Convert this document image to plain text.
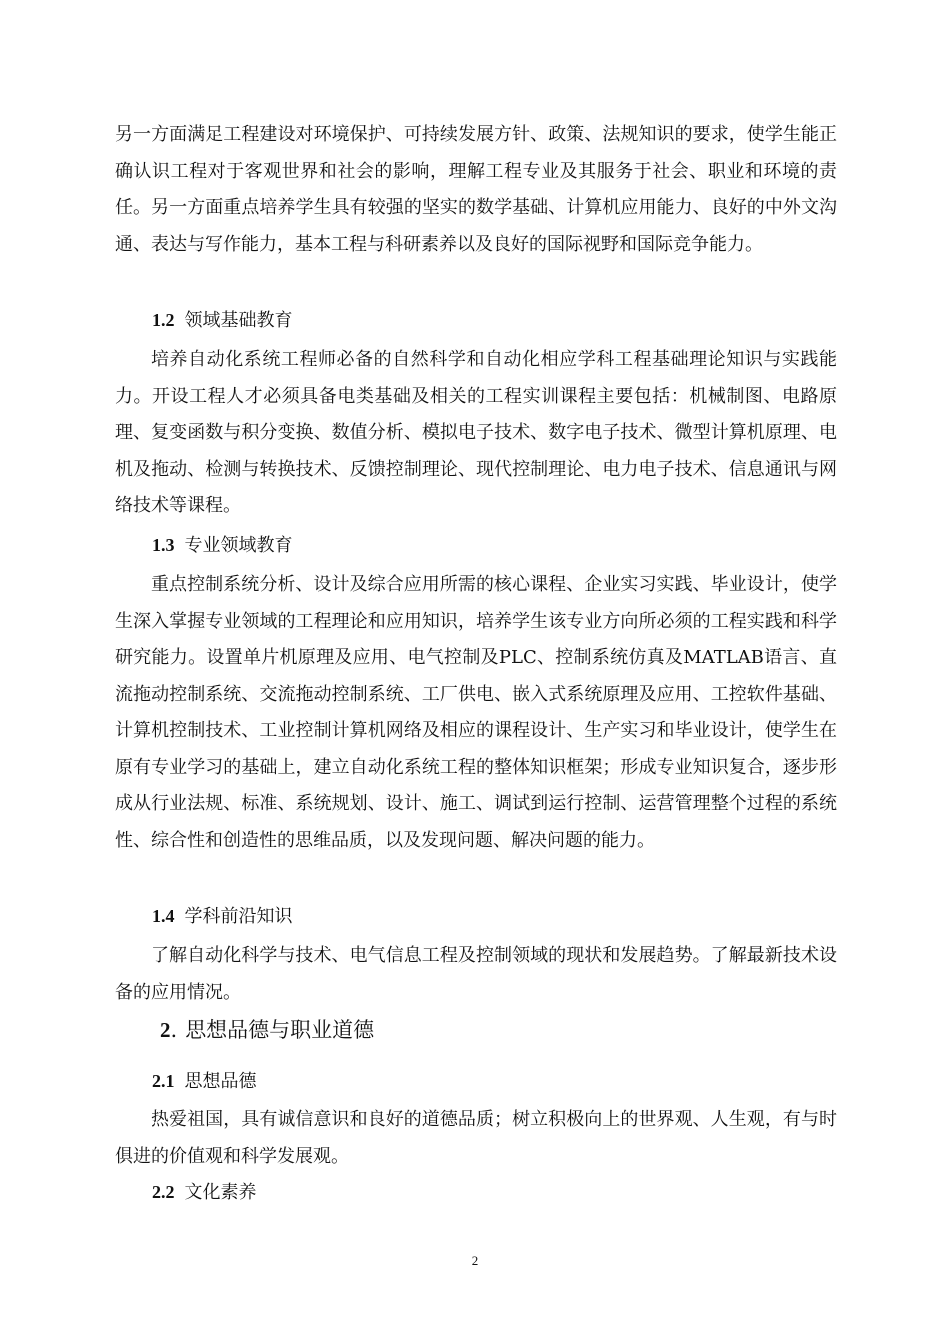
另一方面满足工程建设对环境保护、可持续发展方针、政策、法规知识的要求，使学生能正确认识工程对于客观世界和社会的影响，理解工程专业及其服务于社会、职业和环境的责任。另一方面重点培养学生具有较强的坚实的数学基础、计算机应用能力、良好的中外文沟通、表达与写作能力，基本工程与科研素养以及良好的国际视野和国际竞争能力。

1.2 领域基础教育

培养自动化系统工程师必备的自然科学和自动化相应学科工程基础理论知识与实践能力。开设工程人才必须具备电类基础及相关的工程实训课程主要包括：机械制图、电路原理、复变函数与积分变换、数值分析、模拟电子技术、数字电子技术、微型计算机原理、电机及拖动、检测与转换技术、反馈控制理论、现代控制理论、电力电子技术、信息通讯与网络技术等课程。

1.3 专业领域教育

重点控制系统分析、设计及综合应用所需的核心课程、企业实习实践、毕业设计，使学生深入掌握专业领域的工程理论和应用知识，培养学生该专业方向所必须的工程实践和科学研究能力。设置单片机原理及应用、电气控制及PLC、控制系统仿真及MATLAB语言、直流拖动控制系统、交流拖动控制系统、工厂供电、嵌入式系统原理及应用、工控软件基础、计算机控制技术、工业控制计算机网络及相应的课程设计、生产实习和毕业设计，使学生在原有专业学习的基础上，建立自动化系统工程的整体知识框架；形成专业知识复合，逐步形成从行业法规、标准、系统规划、设计、施工、调试到运行控制、运营管理整个过程的系统性、综合性和创造性的思维品质，以及发现问题、解决问题的能力。

1.4 学科前沿知识

了解自动化科学与技术、电气信息工程及控制领域的现状和发展趋势。了解最新技术设备的应用情况。

2. 思想品德与职业道德
2.1 思想品德

热爱祖国，具有诚信意识和良好的道德品质；树立积极向上的世界观、人生观，有与时俱进的价值观和科学发展观。

2.2 文化素养
2
